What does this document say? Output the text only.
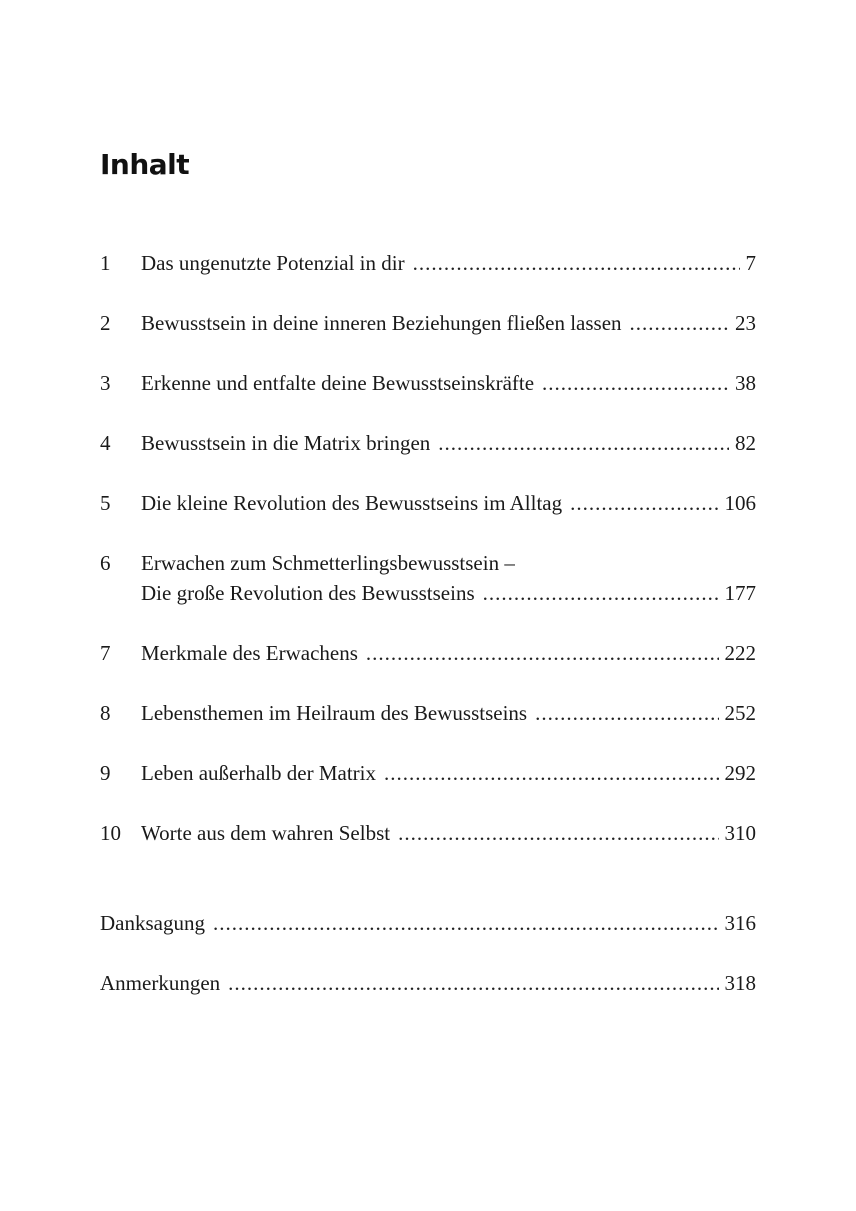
Inhalt
1	Das ungenutzte Potenzial in dir .....	7
2	Bewusstsein in deine inneren Beziehungen fließen lassen .....	23
3	Erkenne und entfalte deine Bewusstseinskräfte .....	38
4	Bewusstsein in die Matrix bringen .....	82
5	Die kleine Revolution des Bewusstseins im Alltag .....	106
6	Erwachen zum Schmetterlingsbewusstsein –
Die große Revolution des Bewusstseins .....	177
7	Merkmale des Erwachens .....	222
8	Lebensthemen im Heilraum des Bewusstseins .....	252
9	Leben außerhalb der Matrix .....	292
10 Worte aus dem wahren Selbst .....	310
Danksagung .....	316
Anmerkungen .....	318
